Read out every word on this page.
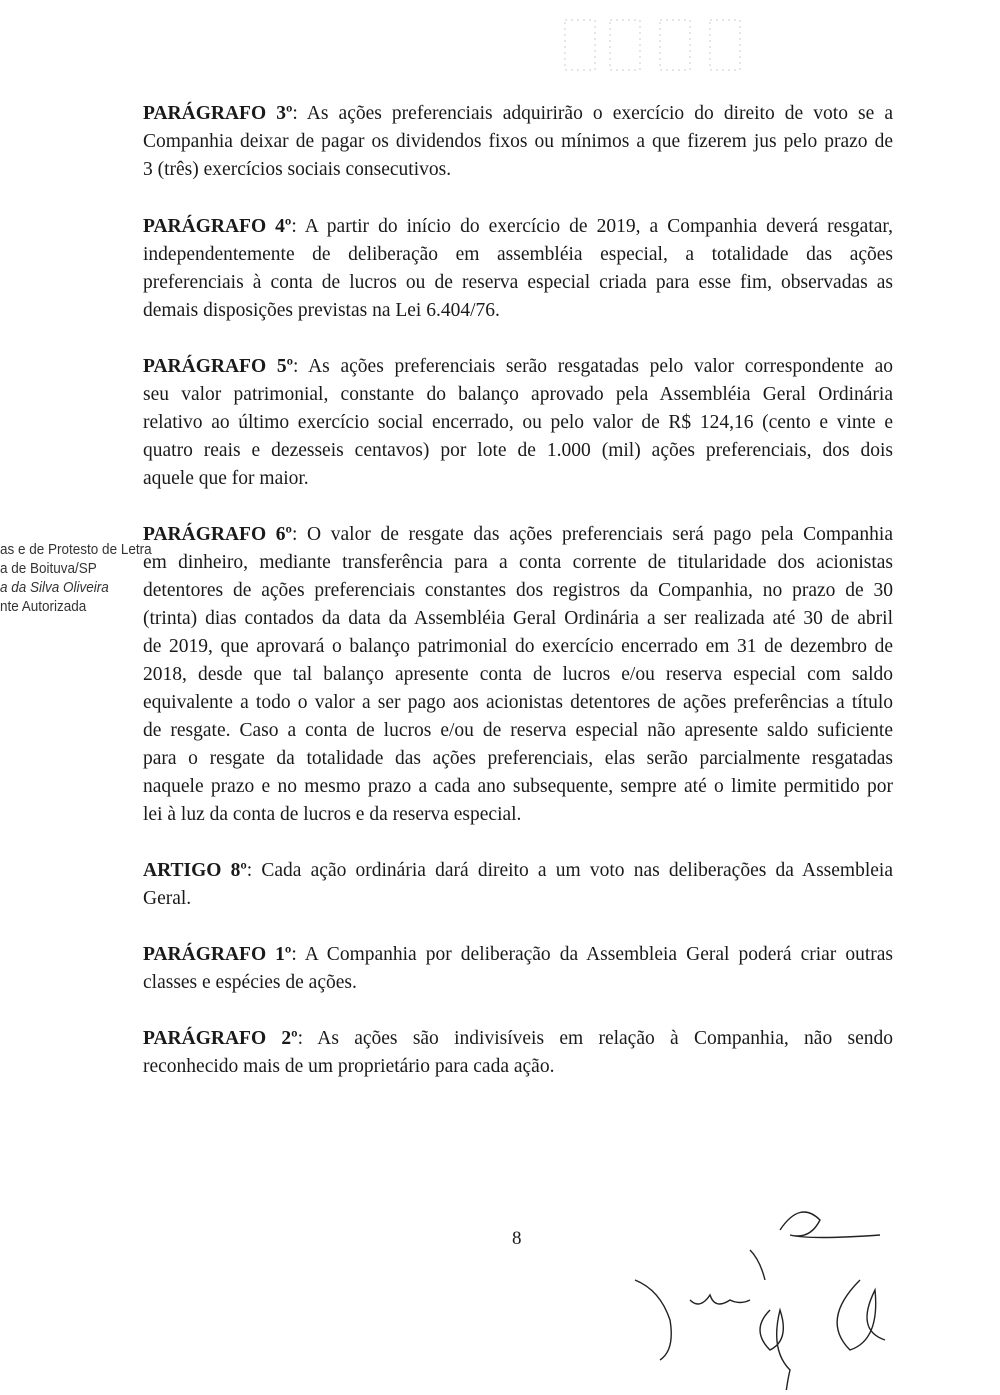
PARÁGRAFO 3º: As ações preferenciais adquirirão o exercício do direito de voto se a
Companhia deixar de pagar os dividendos fixos ou mínimos a que fizerem jus pelo prazo de
3 (três) exercícios sociais consecutivos.
PARÁGRAFO 4º: A partir do início do exercício de 2019, a Companhia deverá resgatar,
independentemente de deliberação em assembléia especial, a totalidade das ações
preferenciais à conta de lucros ou de reserva especial criada para esse fim, observadas as
demais disposições previstas na Lei 6.404/76.
PARÁGRAFO 5º: As ações preferenciais serão resgatadas pelo valor correspondente ao
seu valor patrimonial, constante do balanço aprovado pela Assembléia Geral Ordinária
relativo ao último exercício social encerrado, ou pelo valor de R$ 124,16 (cento e vinte e
quatro reais e dezesseis centavos) por lote de 1.000 (mil) ações preferenciais, dos dois
aquele que for maior.
PARÁGRAFO 6º: O valor de resgate das ações preferenciais será pago pela Companhia
em dinheiro, mediante transferência para a conta corrente de titularidade dos acionistas
detentores de ações preferenciais constantes dos registros da Companhia, no prazo de 30
(trinta) dias contados da data da Assembléia Geral Ordinária a ser realizada até 30 de abril
de 2019, que aprovará o balanço patrimonial do exercício encerrado em 31 de dezembro de
2018, desde que tal balanço apresente conta de lucros e/ou reserva especial com saldo
equivalente a todo o valor a ser pago aos acionistas detentores de ações preferências a título
de resgate. Caso a conta de lucros e/ou de reserva especial não apresente saldo suficiente
para o resgate da totalidade das ações preferenciais, elas serão parcialmente resgatadas
naquele prazo e no mesmo prazo a cada ano subsequente, sempre até o limite permitido por
lei à luz da conta de lucros e da reserva especial.
ARTIGO 8º: Cada ação ordinária dará direito a um voto nas deliberações da Assembleia
Geral.
PARÁGRAFO 1º: A Companhia por deliberação da Assembleia Geral poderá criar outras
classes e espécies de ações.
PARÁGRAFO 2º: As ações são indivisíveis em relação à Companhia, não sendo
reconhecido mais de um proprietário para cada ação.
as e de Protesto de Letra
a de Boituva/SP
a da Silva Oliveira
nte Autorizada
8
